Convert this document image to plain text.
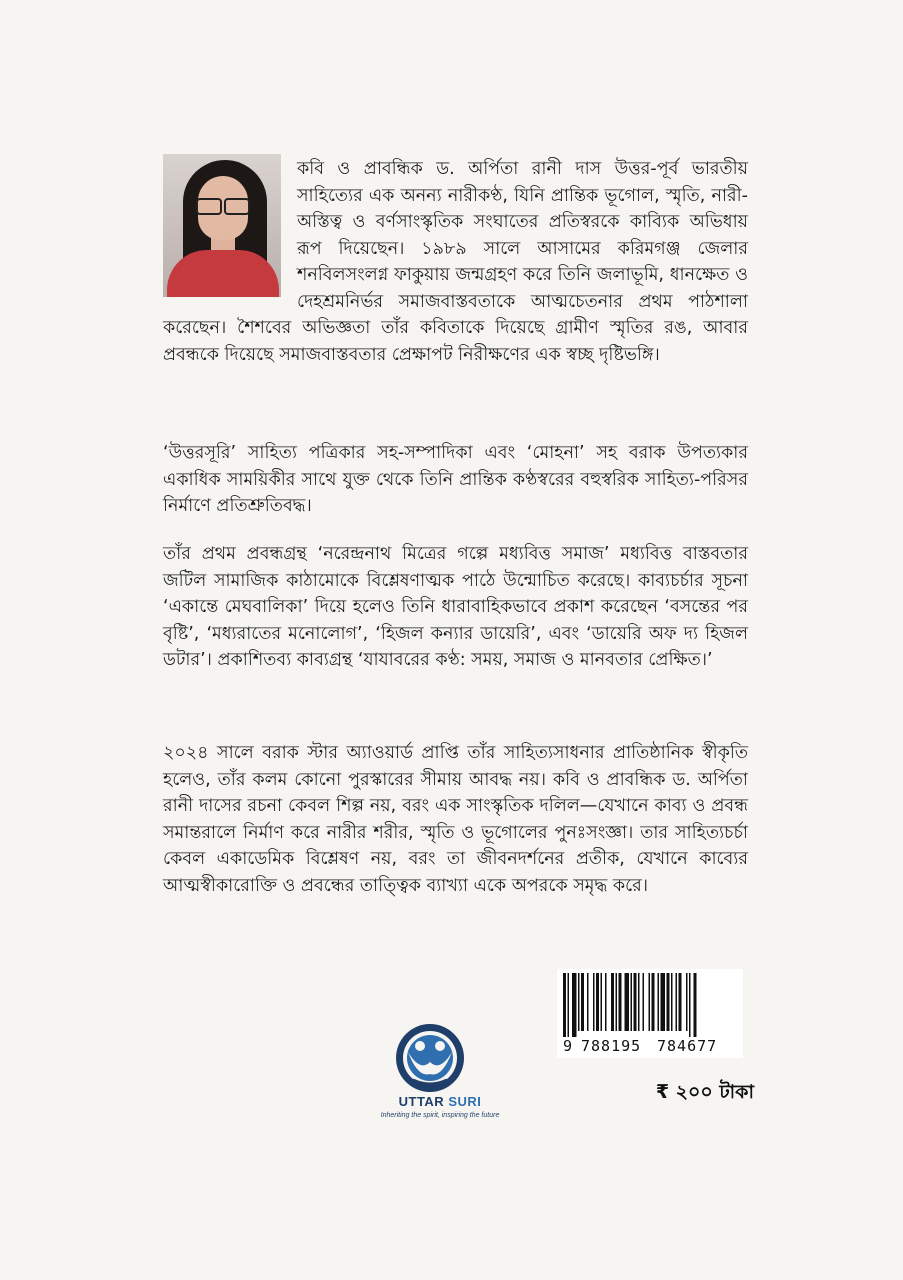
কবি ও প্রাবন্ধিক ড. অর্পিতা রানী দাস উত্তর-পূর্ব ভারতীয় সাহিত্যের এক অনন্য নারীকণ্ঠ, যিনি প্রান্তিক ভূগোল, স্মৃতি, নারী-অস্তিত্ব ও বর্ণসাংস্কৃতিক সংঘাতের প্রতিস্বরকে কাব্যিক অভিধায় রূপ দিয়েছেন। ১৯৮৯ সালে আসামের করিমগঞ্জ জেলার শনবিলসংলগ্ন ফাকুয়ায় জন্মগ্রহণ করে তিনি জলাভূমি, ধানক্ষেত ও দেহশ্রমনির্ভর সমাজবাস্তবতাকে আত্মচেতনার প্রথম পাঠশালা করেছেন। শৈশবের অভিজ্ঞতা তাঁর কবিতাকে দিয়েছে গ্রামীণ স্মৃতির রঙ, আবার প্রবন্ধকে দিয়েছে সমাজবাস্তবতার প্রেক্ষাপট নিরীক্ষণের এক স্বচ্ছ দৃষ্টিভঙ্গি।

‘উত্তরসূরি’ সাহিত্য পত্রিকার সহ-সম্পাদিকা এবং ‘মোহনা’ সহ বরাক উপত্যকার একাধিক সাময়িকীর সাথে যুক্ত থেকে তিনি প্রান্তিক কণ্ঠস্বরের বহুস্বরিক সাহিত্য-পরিসর নির্মাণে প্রতিশ্রুতিবদ্ধ।

তাঁর প্রথম প্রবন্ধগ্রন্থ ‘নরেন্দ্রনাথ মিত্রের গল্পে মধ্যবিত্ত সমাজ’ মধ্যবিত্ত বাস্তবতার জটিল সামাজিক কাঠামোকে বিশ্লেষণাত্মক পাঠে উন্মোচিত করেছে। কাব্যচর্চার সূচনা ‘একান্তে মেঘবালিকা’ দিয়ে হলেও তিনি ধারাবাহিকভাবে প্রকাশ করেছেন ‘বসন্তের পর বৃষ্টি’, ‘মধ্যরাতের মনোলোগ’, ‘হিজল কন্যার ডায়েরি’, এবং ‘ডায়েরি অফ দ্য হিজল ডটার’। প্রকাশিতব্য কাব্যগ্রন্থ ‘যাযাবরের কণ্ঠ: সময়, সমাজ ও মানবতার প্রেক্ষিত।’

২০২৪ সালে বরাক স্টার অ্যাওয়ার্ড প্রাপ্তি তাঁর সাহিত্যসাধনার প্রাতিষ্ঠানিক স্বীকৃতি হলেও, তাঁর কলম কোনো পুরস্কারের সীমায় আবদ্ধ নয়। কবি ও প্রাবন্ধিক ড. অর্পিতা রানী দাসের রচনা কেবল শিল্প নয়, বরং এক সাংস্কৃতিক দলিল—যেখানে কাব্য ও প্রবন্ধ সমান্তরালে নির্মাণ করে নারীর শরীর, স্মৃতি ও ভূগোলের পুনঃসংজ্ঞা। তার সাহিত্যচর্চা কেবল একাডেমিক বিশ্লেষণ নয়, বরং তা জীবনদর্শনের প্রতীক, যেখানে কাব্যের আত্মস্বীকারোক্তি ও প্রবন্ধের তাত্ত্বিক ব্যাখ্যা একে অপরকে সমৃদ্ধ করে।

9 788195 784677
UTTAR SURI
Inheriting the spirit, inspiring the future
₹ ২০০ টাকা
